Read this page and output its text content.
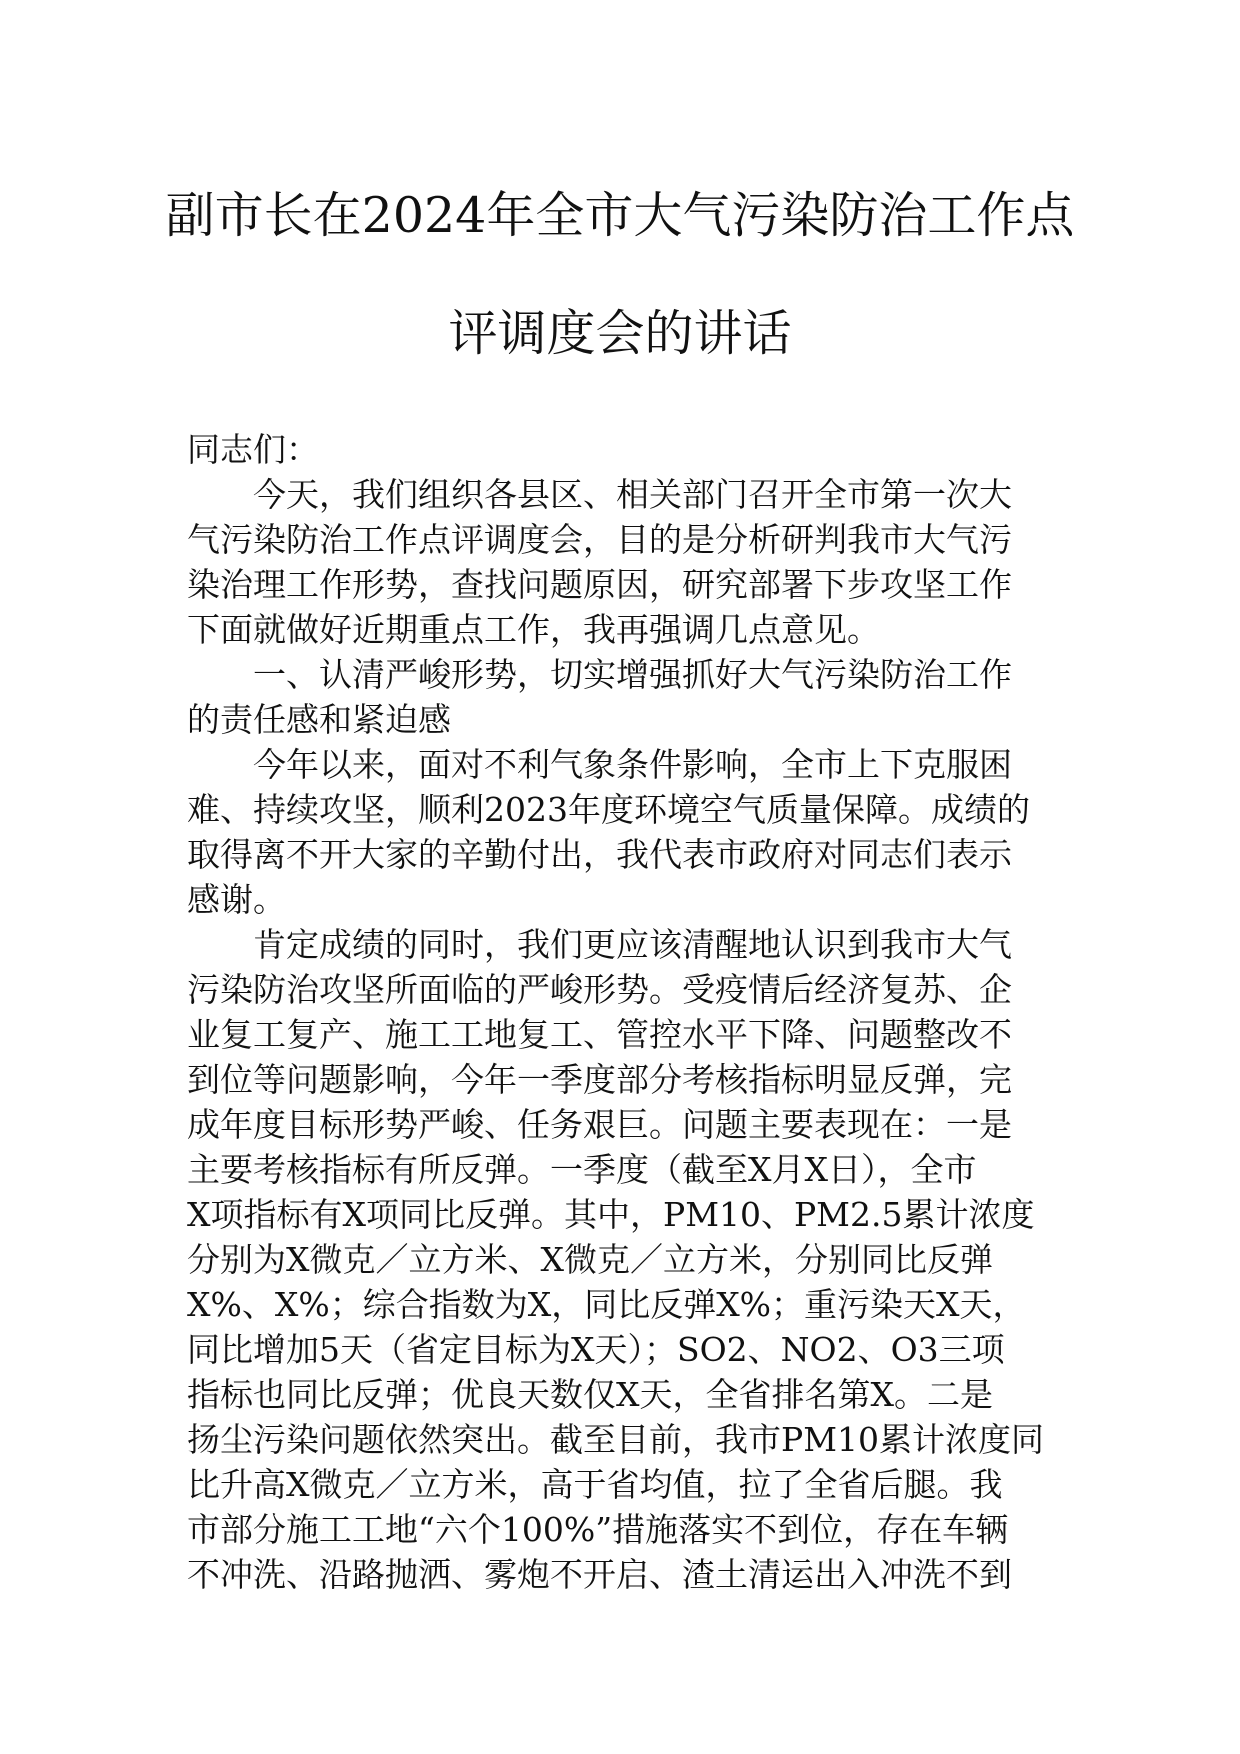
副市长在2024年全市大气污染防治工作点
评调度会的讲话
同志们：
今天，我们组织各县区、相关部门召开全市第一次大
气污染防治工作点评调度会，目的是分析研判我市大气污
染治理工作形势，查找问题原因，研究部署下步攻坚工作
下面就做好近期重点工作，我再强调几点意见。
一、认清严峻形势，切实增强抓好大气污染防治工作
的责任感和紧迫感
今年以来，面对不利气象条件影响，全市上下克服困
难、持续攻坚，顺利2023年度环境空气质量保障。成绩的
取得离不开大家的辛勤付出，我代表市政府对同志们表示
感谢。
肯定成绩的同时，我们更应该清醒地认识到我市大气
污染防治攻坚所面临的严峻形势。受疫情后经济复苏、企
业复工复产、施工工地复工、管控水平下降、问题整改不
到位等问题影响，今年一季度部分考核指标明显反弹，完
成年度目标形势严峻、任务艰巨。问题主要表现在：一是
主要考核指标有所反弹。一季度（截至X月X日），全市
X项指标有X项同比反弹。其中，PM10、PM2.5累计浓度
分别为X微克／立方米、X微克／立方米，分别同比反弹
X%、X%；综合指数为X，同比反弹X%；重污染天X天，
同比增加5天（省定目标为X天）；SO2、NO2、O3三项
指标也同比反弹；优良天数仅X天，全省排名第X。二是
扬尘污染问题依然突出。截至目前，我市PM10累计浓度同
比升高X微克／立方米，高于省均值，拉了全省后腿。我
市部分施工工地“六个100%”措施落实不到位，存在车辆
不冲洗、沿路抛洒、雾炮不开启、渣土清运出入冲洗不到
